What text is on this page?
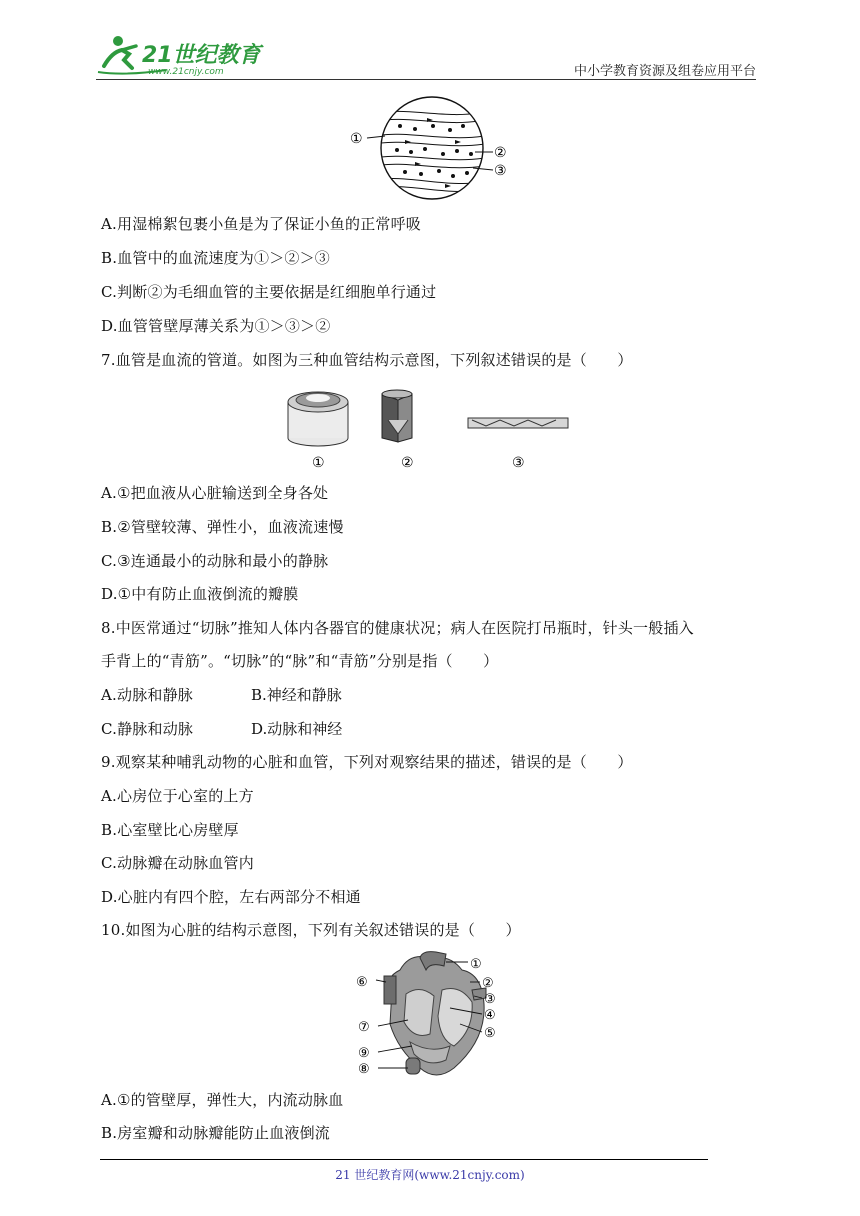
21世纪教育
www.21cnjy.com	中小学教育资源及组卷应用平台
①
②
③
A.用湿棉絮包裹小鱼是为了保证小鱼的正常呼吸
B.血管中的血流速度为①＞②＞③
C.判断②为毛细血管的主要依据是红细胞单行通过
D.血管管壁厚薄关系为①＞③＞②
7.血管是血流的管道。如图为三种血管结构示意图，下列叙述错误的是（　　）
①	②	③
A.①把血液从心脏输送到全身各处
B.②管壁较薄、弹性小，血液流速慢
C.③连通最小的动脉和最小的静脉
D.①中有防止血液倒流的瓣膜
8.中医常通过“切脉”推知人体内各器官的健康状况；病人在医院打吊瓶时，针头一般插入
手背上的“青筋”。“切脉”的“脉”和“青筋”分别是指（　　）
A.动脉和静脉	B.神经和静脉
C.静脉和动脉	D.动脉和神经
9.观察某种哺乳动物的心脏和血管，下列对观察结果的描述，错误的是（　　）
A.心房位于心室的上方
B.心室壁比心房壁厚
C.动脉瓣在动脉血管内
D.心脏内有四个腔，左右两部分不相通
10.如图为心脏的结构示意图，下列有关叙述错误的是（　　）
①
②
③
④
⑤
⑥
⑦
⑨
⑧
A.①的管壁厚，弹性大，内流动脉血
B.房室瓣和动脉瓣能防止血液倒流
21 世纪教育网(www.21cnjy.com)
